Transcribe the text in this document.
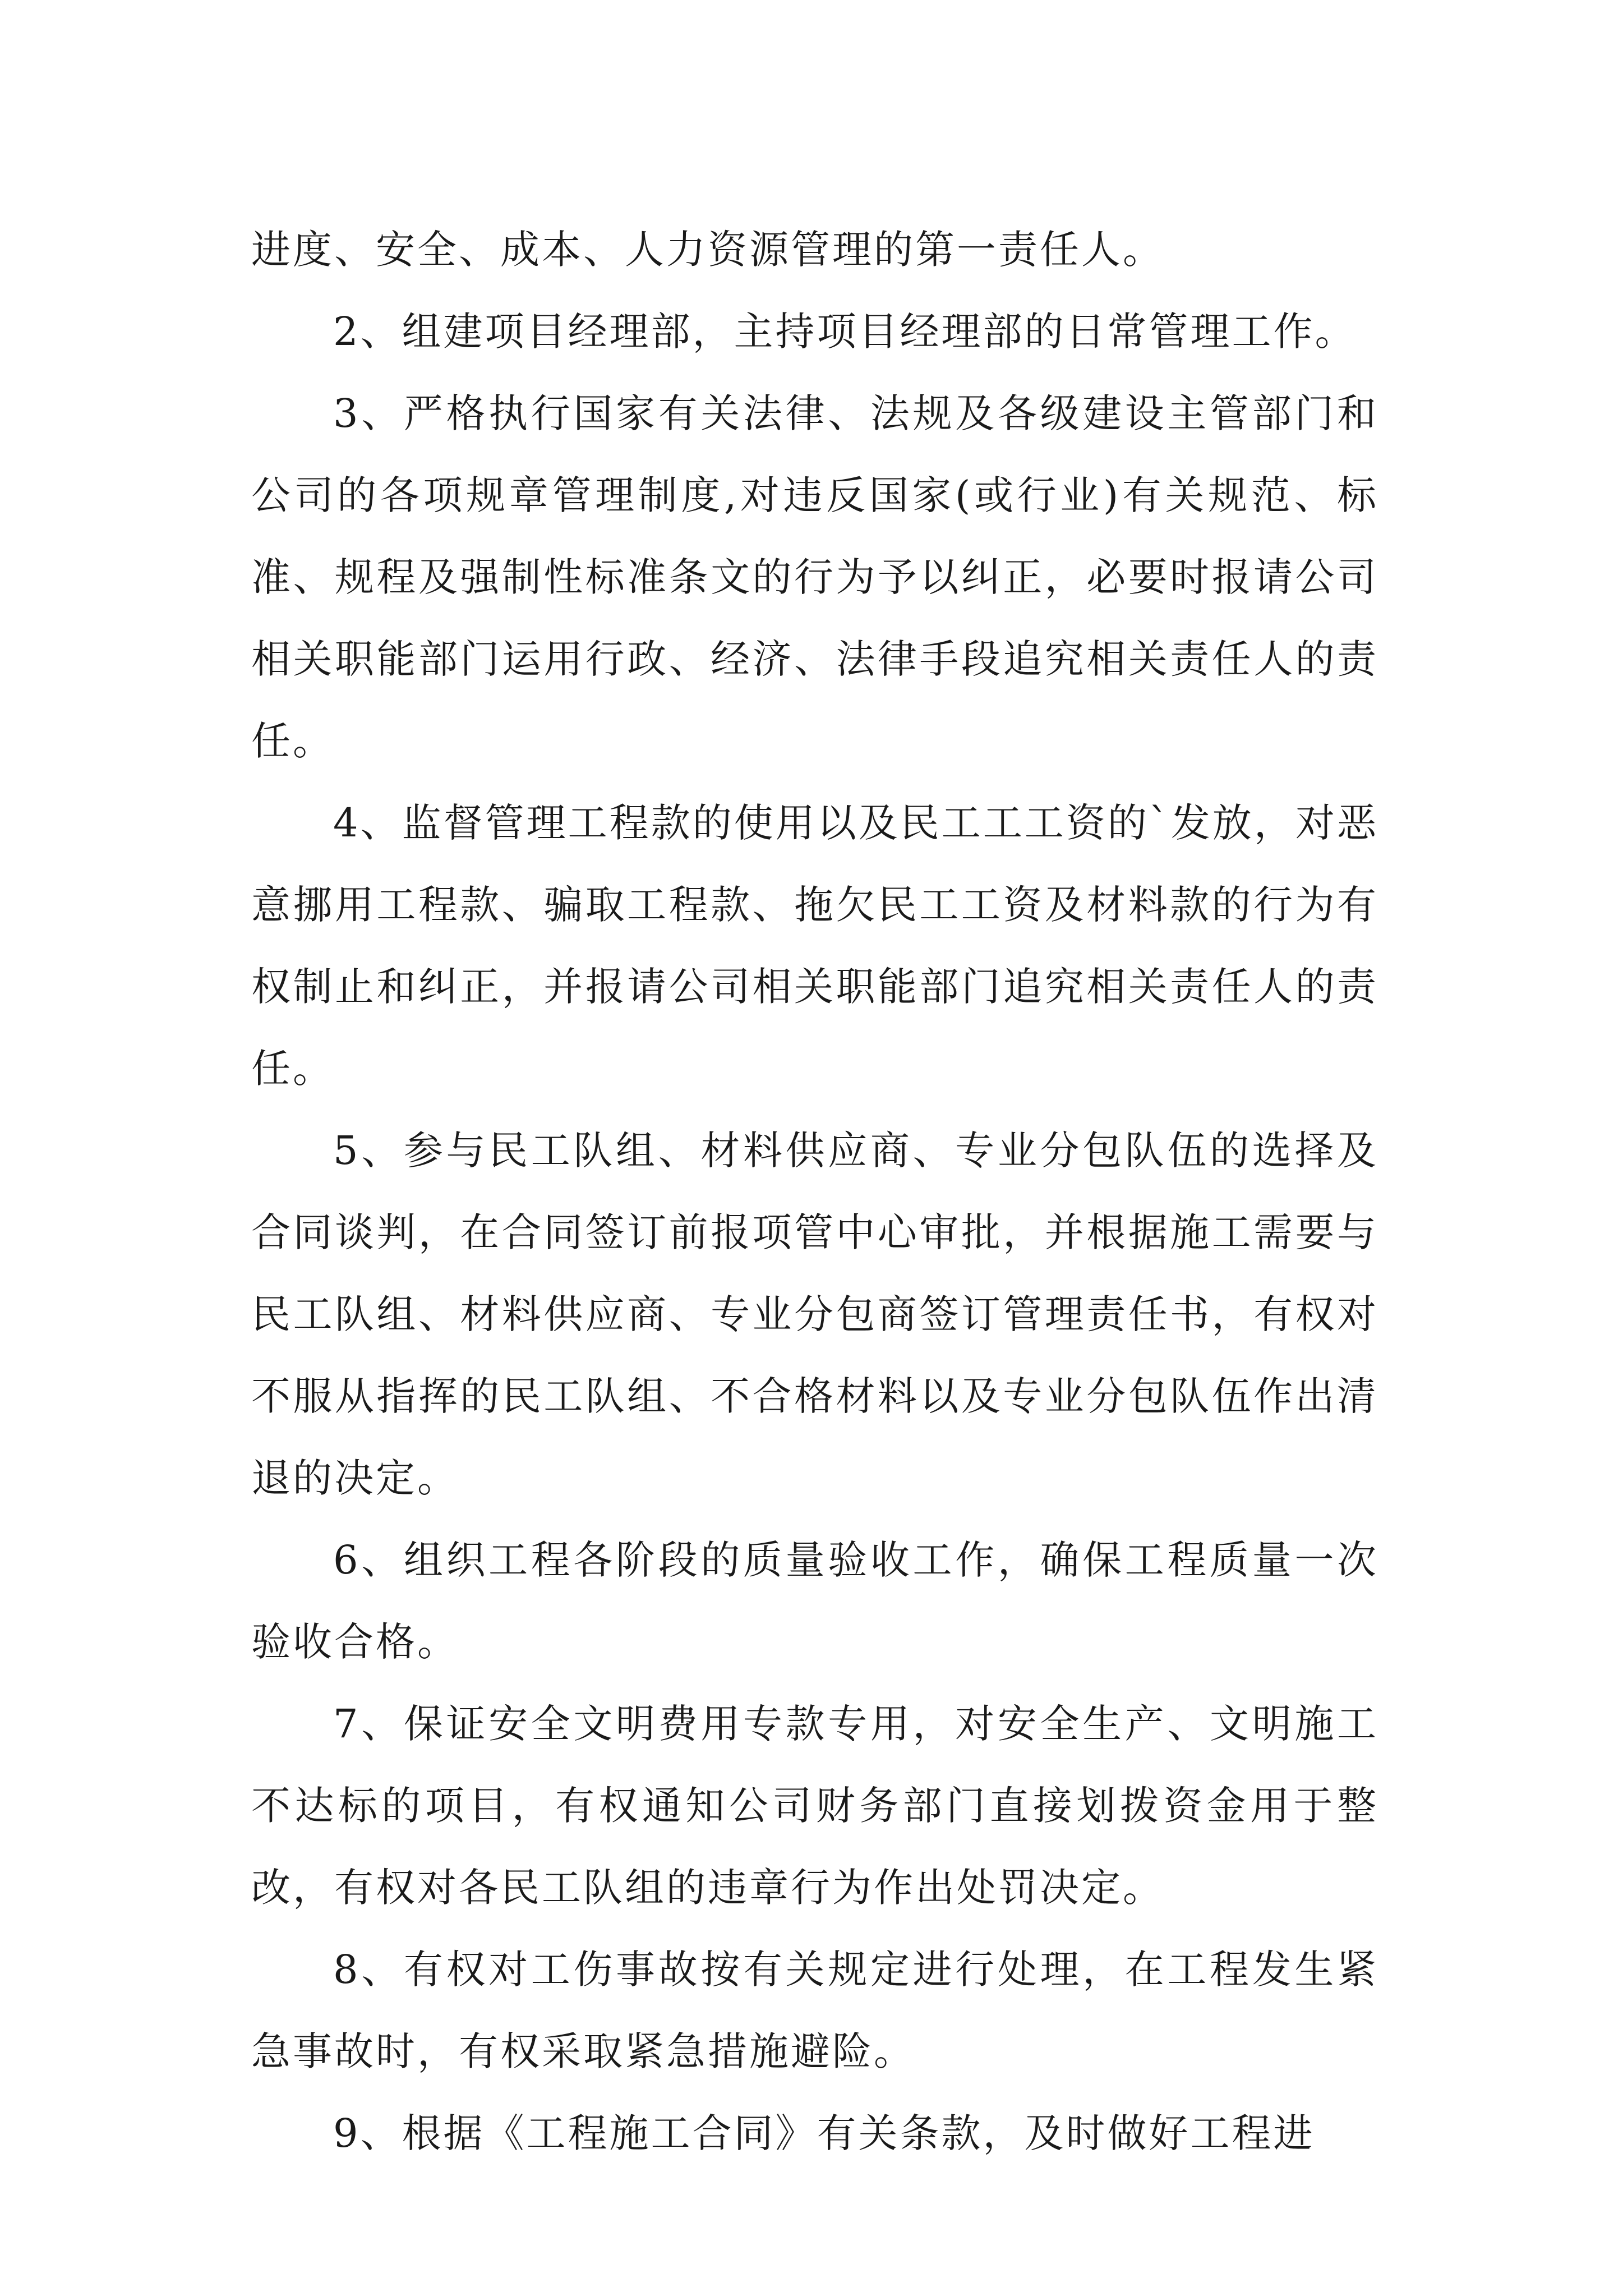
进度、安全、成本、人力资源管理的第一责任人。

2、组建项目经理部，主持项目经理部的日常管理工作。

3、严格执行国家有关法律、法规及各级建设主管部门和公司的各项规章管理制度,对违反国家(或行业)有关规范、标准、规程及强制性标准条文的行为予以纠正，必要时报请公司相关职能部门运用行政、经济、法律手段追究相关责任人的责任。

4、监督管理工程款的使用以及民工工工资的`发放，对恶意挪用工程款、骗取工程款、拖欠民工工资及材料款的行为有权制止和纠正，并报请公司相关职能部门追究相关责任人的责任。

5、参与民工队组、材料供应商、专业分包队伍的选择及合同谈判，在合同签订前报项管中心审批，并根据施工需要与民工队组、材料供应商、专业分包商签订管理责任书，有权对不服从指挥的民工队组、不合格材料以及专业分包队伍作出清退的决定。

6、组织工程各阶段的质量验收工作，确保工程质量一次验收合格。

7、保证安全文明费用专款专用，对安全生产、文明施工不达标的项目，有权通知公司财务部门直接划拨资金用于整改，有权对各民工队组的违章行为作出处罚决定。

8、有权对工伤事故按有关规定进行处理，在工程发生紧急事故时，有权采取紧急措施避险。

9、根据《工程施工合同》有关条款，及时做好工程进
